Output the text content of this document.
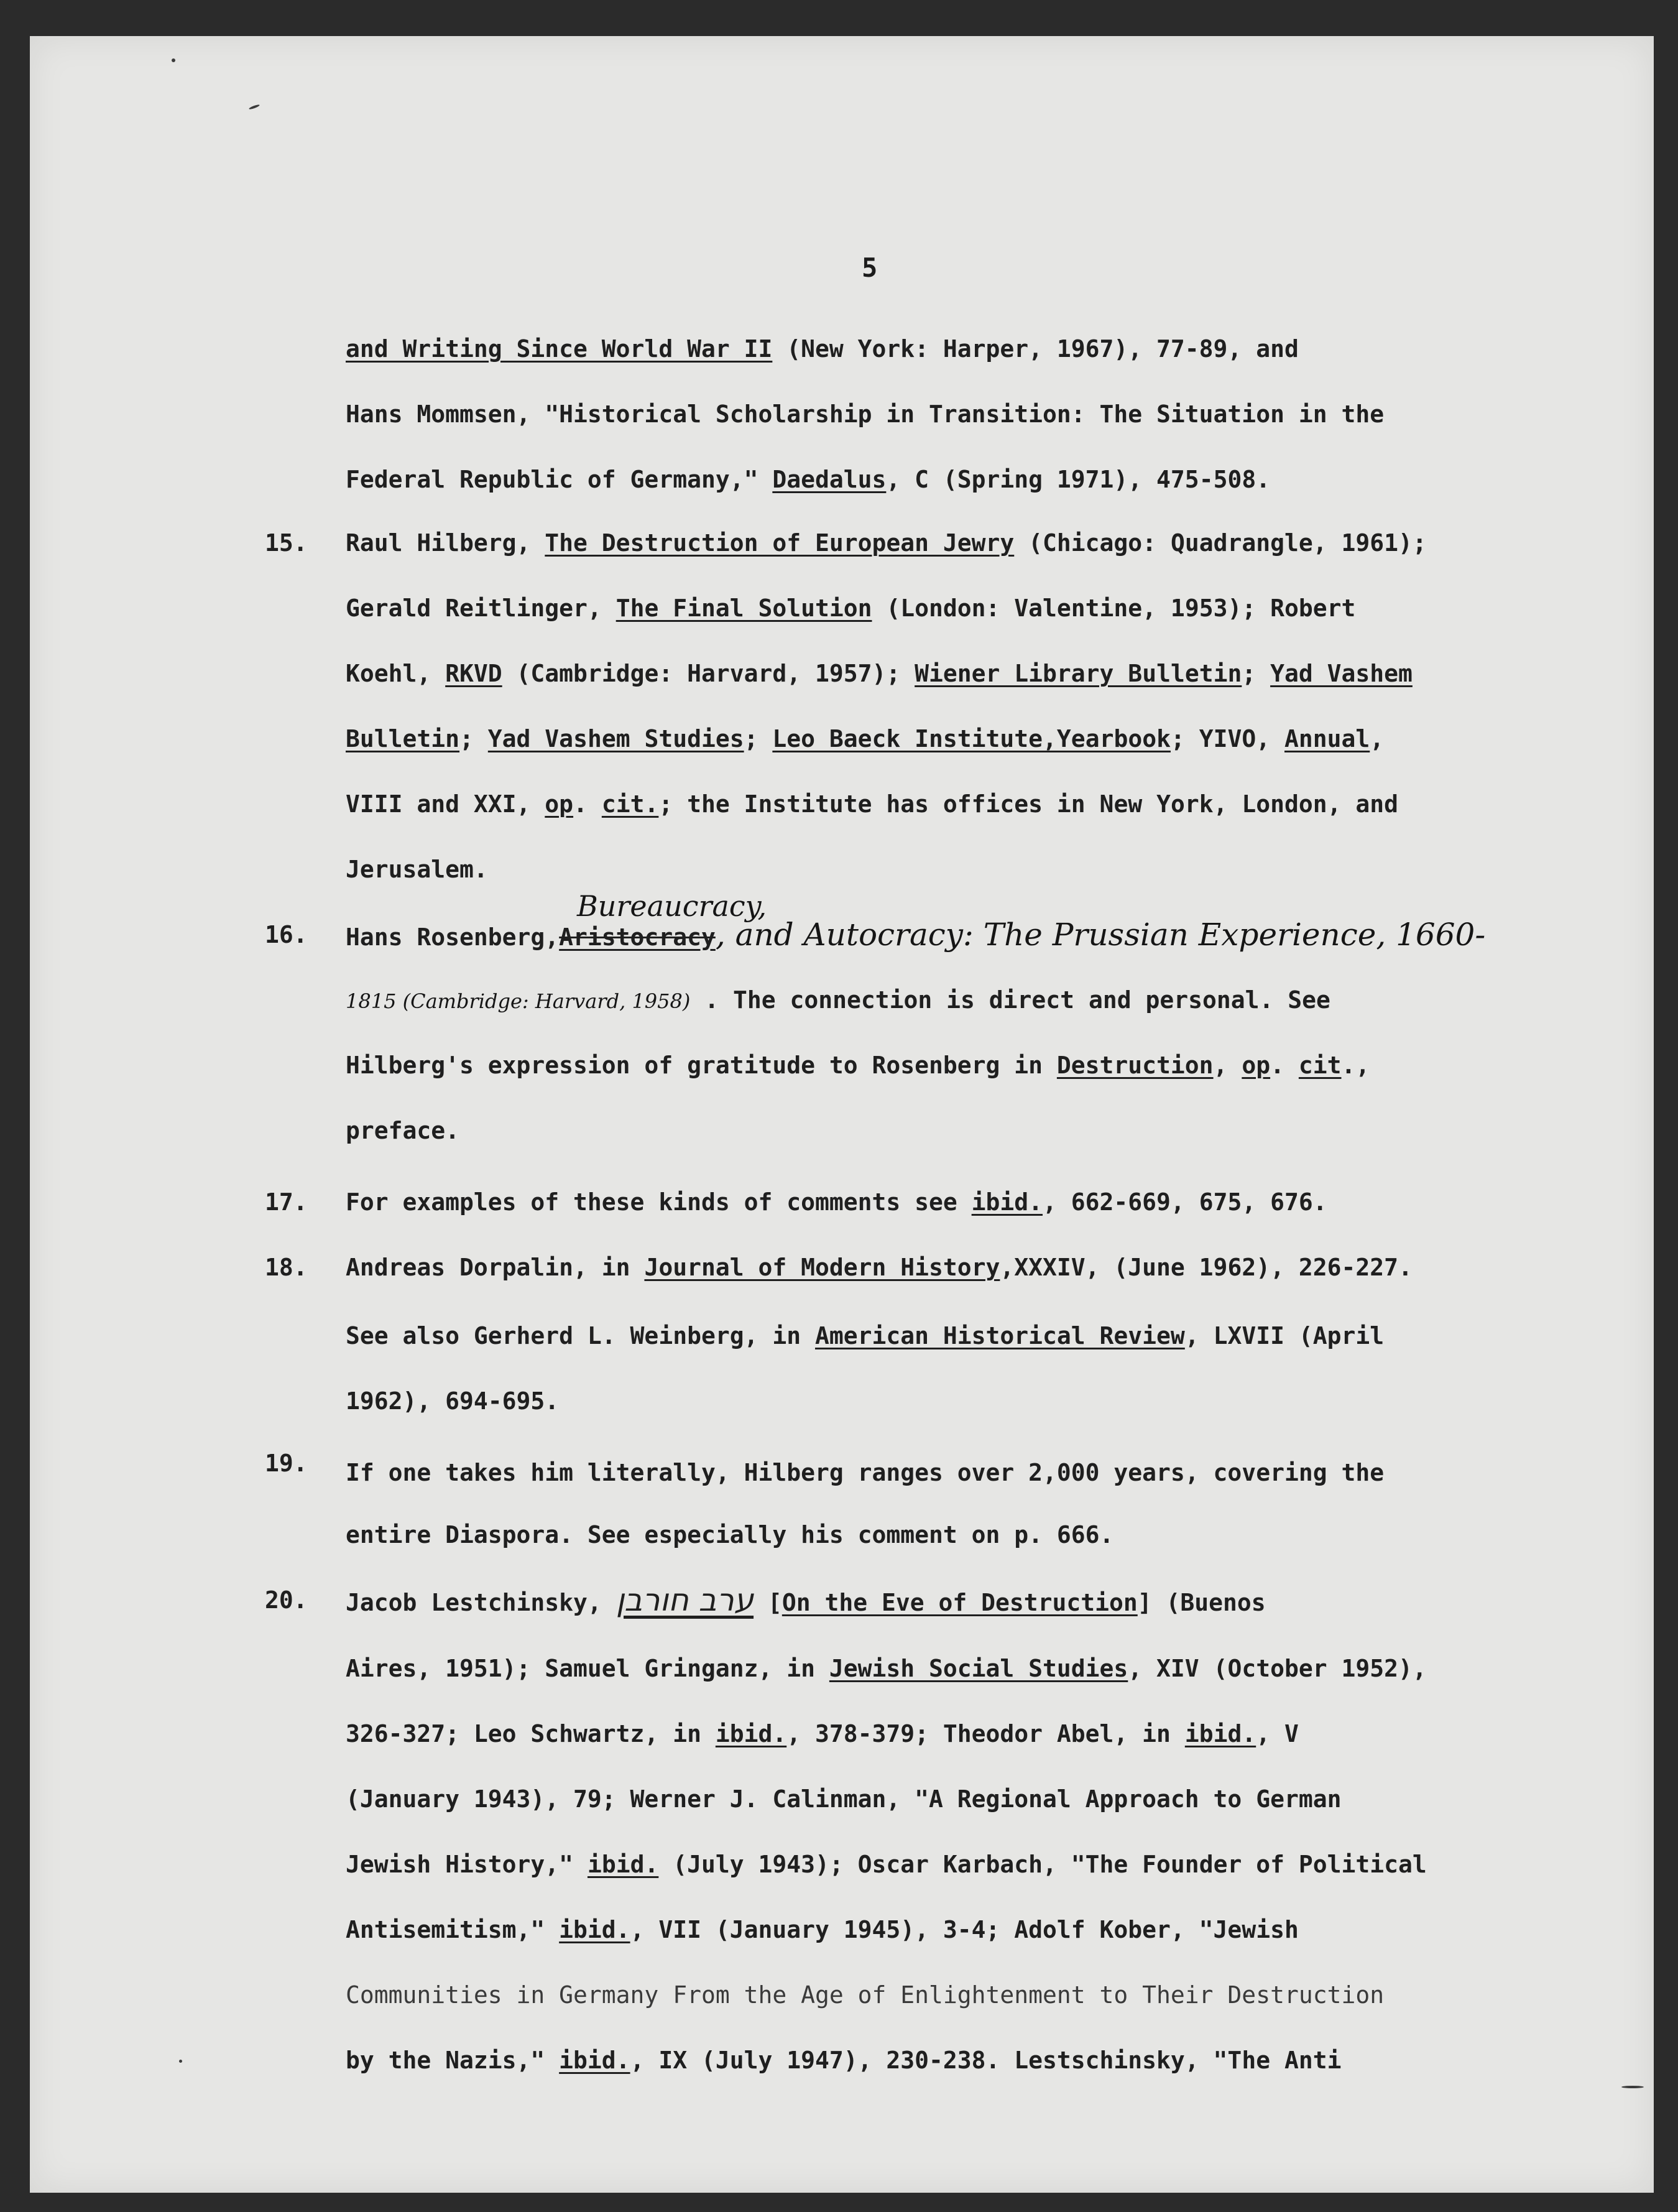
5
and Writing Since World War II (New York: Harper, 1967), 77-89, and
Hans Mommsen, "Historical Scholarship in Transition: The Situation in the
Federal Republic of Germany," Daedalus, C (Spring 1971), 475-508.
15. Raul Hilberg, The Destruction of European Jewry (Chicago: Quadrangle, 1961);
Gerald Reitlinger, The Final Solution (London: Valentine, 1953); Robert
Koehl, RKVD (Cambridge: Harvard, 1957); Wiener Library Bulletin; Yad Vashem
Bulletin; Yad Vashem Studies; Leo Baeck Institute,Yearbook; YIVO, Annual,
VIII and XXI, op. cit.; the Institute has offices in New York, London, and
Jerusalem.
Bureaucracy,
16. Hans Rosenberg,Aristocracy, and Autocracy: The Prussian Experience, 1660-
1815 (Cambridge: Harvard, 1958) . The connection is direct and personal. See
Hilberg's expression of gratitude to Rosenberg in Destruction, op. cit.,
preface.
17. For examples of these kinds of comments see ibid., 662-669, 675, 676.
18. Andreas Dorpalin, in Journal of Modern History,XXXIV, (June 1962), 226-227.
See also Gerherd L. Weinberg, in American Historical Review, LXVII (April
1962), 694-695.
19. If one takes him literally, Hilberg ranges over 2,000 years, covering the
entire Diaspora. See especially his comment on p. 666.
20. Jacob Lestchinsky, ערב חורבן [On the Eve of Destruction] (Buenos
Aires, 1951); Samuel Gringanz, in Jewish Social Studies, XIV (October 1952),
326-327; Leo Schwartz, in ibid., 378-379; Theodor Abel, in ibid., V
(January 1943), 79; Werner J. Calinman, "A Regional Approach to German
Jewish History," ibid. (July 1943); Oscar Karbach, "The Founder of Political
Antisemitism," ibid., VII (January 1945), 3-4; Adolf Kober, "Jewish
Communities in Germany From the Age of Enlightenment to Their Destruction
by the Nazis," ibid., IX (July 1947), 230-238. Lestschinsky, "The Anti
